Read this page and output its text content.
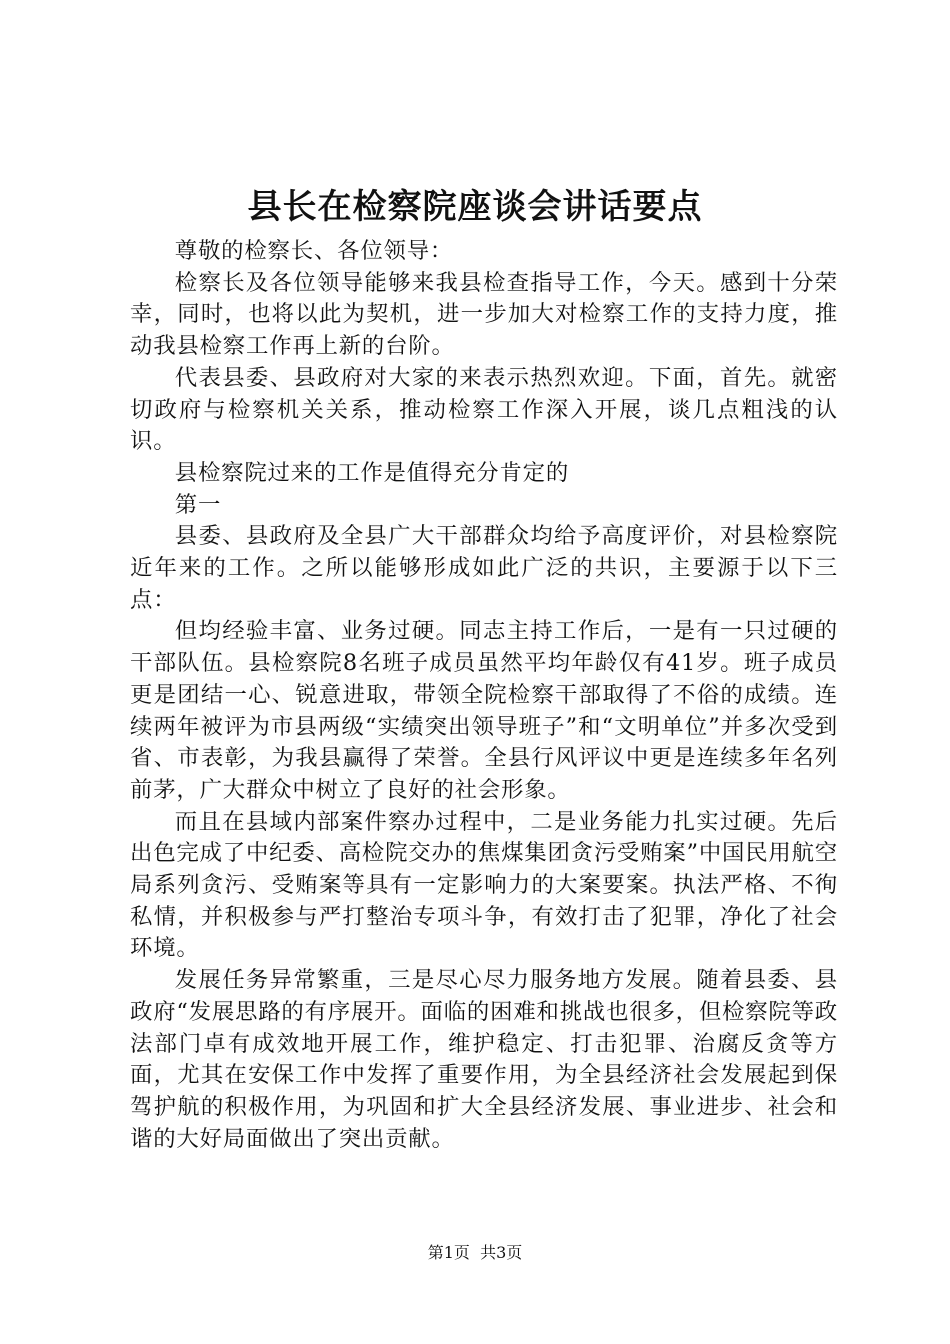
县长在检察院座谈会讲话要点

尊敬的检察长、各位领导：

检察长及各位领导能够来我县检查指导工作，今天。感到十分荣幸，同时，也将以此为契机，进一步加大对检察工作的支持力度，推动我县检察工作再上新的台阶。

代表县委、县政府对大家的来表示热烈欢迎。下面，首先。就密切政府与检察机关关系，推动检察工作深入开展，谈几点粗浅的认识。

县检察院过来的工作是值得充分肯定的

第一

县委、县政府及全县广大干部群众均给予高度评价，对县检察院近年来的工作。之所以能够形成如此广泛的共识，主要源于以下三点：

但均经验丰富、业务过硬。同志主持工作后，一是有一只过硬的干部队伍。县检察院8名班子成员虽然平均年龄仅有41岁。班子成员更是团结一心、锐意进取，带领全院检察干部取得了不俗的成绩。连续两年被评为市县两级“实绩突出领导班子”和“文明单位”并多次受到省、市表彰，为我县赢得了荣誉。全县行风评议中更是连续多年名列前茅，广大群众中树立了良好的社会形象。

而且在县域内部案件察办过程中，二是业务能力扎实过硬。先后出色完成了中纪委、高检院交办的焦煤集团贪污受贿案”中国民用航空局系列贪污、受贿案等具有一定影响力的大案要案。执法严格、不徇私情，并积极参与严打整治专项斗争，有效打击了犯罪，净化了社会环境。

发展任务异常繁重，三是尽心尽力服务地方发展。随着县委、县政府“发展思路的有序展开。面临的困难和挑战也很多，但检察院等政法部门卓有成效地开展工作，维护稳定、打击犯罪、治腐反贪等方面，尤其在安保工作中发挥了重要作用，为全县经济社会发展起到保驾护航的积极作用，为巩固和扩大全县经济发展、事业进步、社会和谐的大好局面做出了突出贡献。

第1页 共3页
